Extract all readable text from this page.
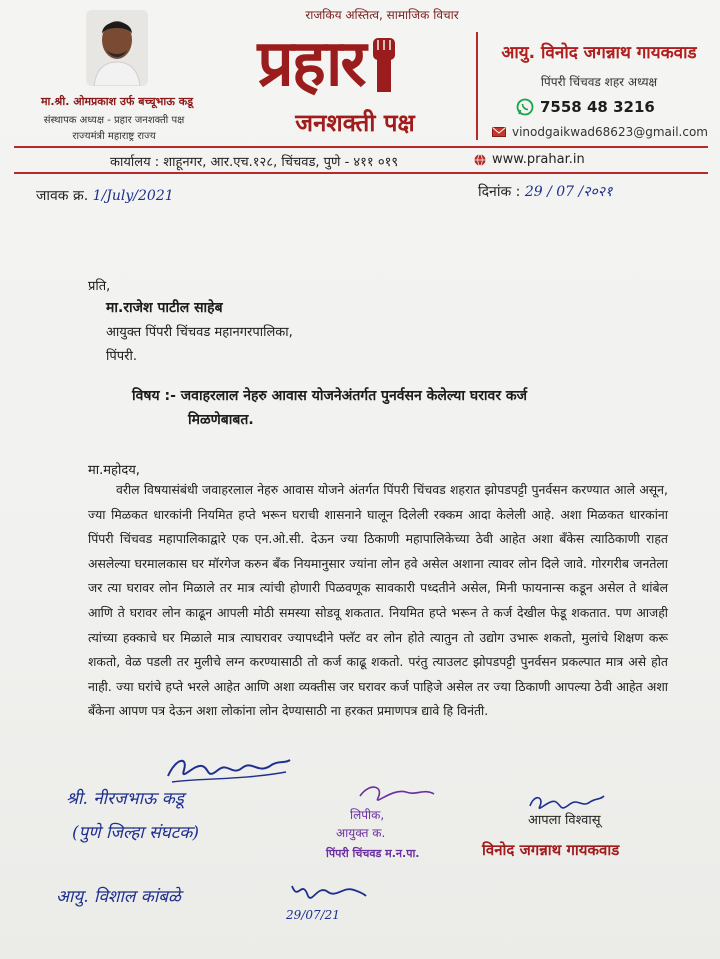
राजकिय अस्तित्व, सामाजिक विचार
मा.श्री. ओमप्रकाश उर्फ बच्चूभाऊ कडू
संस्थापक अध्यक्ष - प्रहार जनशक्ती पक्ष
राज्यमंत्री महाराष्ट्र राज्य
प्रहार
जनशक्ती पक्ष
आयु. विनोद जगन्नाथ गायकवाड
पिंपरी चिंचवड शहर अध्यक्ष
7558 48 3216
vinodgaikwad68623@gmail.com
कार्यालय : शाहूनगर, आर.एच.१२८, चिंचवड, पुणे - ४११ ०१९	www.prahar.in
जावक क्र. 1/July/2021	दिनांक : 29 / 07 /२०२१
प्रति,
मा.राजेश पाटील साहेब
आयुक्त पिंपरी चिंचवड महानगरपालिका,
पिंपरी.
विषय :- जवाहरलाल नेहरु आवास योजनेअंतर्गत पुनर्वसन केलेल्या घरावर कर्ज
मिळणेबाबत.
मा.महोदय,
वरील विषयासंबंधी जवाहरलाल नेहरु आवास योजने अंतर्गत पिंपरी चिंचवड शहरात झोपडपट्टी पुनर्वसन करण्यात आले असून, ज्या मिळकत धारकांनी नियमित हप्ते भरून घराची शासनाने घालून दिलेली रक्कम आदा केलेली आहे. अशा मिळकत धारकांना पिंपरी चिंचवड महापालिकाद्वारे एक एन.ओ.सी. देऊन ज्या ठिकाणी महापालिकेच्या ठेवी आहेत अशा बँकेस त्याठिकाणी राहत असलेल्या घरमालकास घर मॉरगेज करुन बँक नियमानुसार ज्यांना लोन हवे असेल अशाना त्यावर लोन दिले जावे. गोरगरीब जनतेला जर त्या घरावर लोन मिळाले तर मात्र त्यांची होणारी पिळवणूक सावकारी पध्दतीने असेल, मिनी फायनान्स कडून असेल ते थांबेल आणि ते घरावर लोन काढून आपली मोठी समस्या सोडवू शकतात. नियमित हप्ते भरून ते कर्ज देखील फेडू शकतात. पण आजही त्यांच्या हक्काचे घर मिळाले मात्र त्याघरावर ज्यापध्दीने फ्लॅट वर लोन होते त्यातुन तो उद्योग उभारू शकतो, मुलांचे शिक्षण करू शकतो, वेळ पडली तर मुलीचे लग्न करण्यासाठी तो कर्ज काढू शकतो. परंतु त्याउलट झोपडपट्टी पुनर्वसन प्रकल्पात मात्र असे होत नाही. ज्या घरांचे हप्ते भरले आहेत आणि अशा व्यक्तीस जर घरावर कर्ज पाहिजे असेल तर ज्या ठिकाणी आपल्या ठेवी आहेत अशा बँकेना आपण पत्र देऊन अशा लोकांना लोन देण्यासाठी ना हरकत प्रमाणपत्र द्यावे हि विनंती.
श्री. नीरजभाऊ कडू
(पुणे जिल्हा संघटक)
लिपीक,
आयुक्त क.
पिंपरी चिंचवड म.न.पा.
आपला विश्वासू
विनोद जगन्नाथ गायकवाड
आयु. विशाल कांबळे
29/07/21
